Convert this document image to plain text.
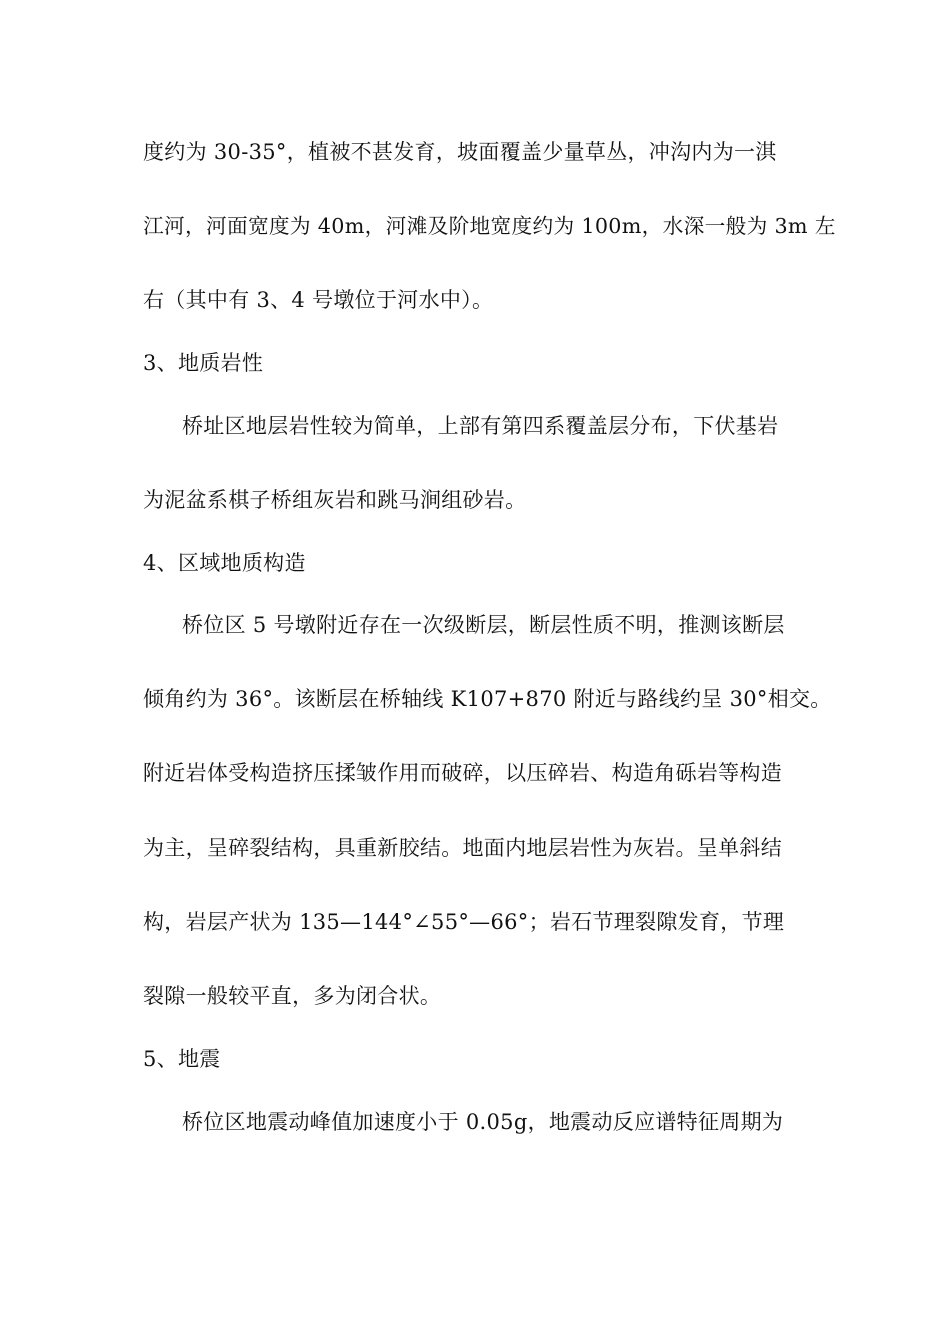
度约为 30-35°，植被不甚发育，坡面覆盖少量草丛，冲沟内为一淇
江河，河面宽度为 40m，河滩及阶地宽度约为 100m，水深一般为 3m 左
右（其中有 3、4 号墩位于河水中）。
3、地质岩性
桥址区地层岩性较为简单，上部有第四系覆盖层分布，下伏基岩
为泥盆系棋子桥组灰岩和跳马涧组砂岩。
4、区域地质构造
桥位区 5 号墩附近存在一次级断层，断层性质不明，推测该断层
倾角约为 36°。该断层在桥轴线 K107+870 附近与路线约呈 30°相交。
附近岩体受构造挤压揉皱作用而破碎，以压碎岩、构造角砾岩等构造
为主，呈碎裂结构，具重新胶结。地面内地层岩性为灰岩。呈单斜结
构，岩层产状为 135—144°∠55°—66°；岩石节理裂隙发育，节理
裂隙一般较平直，多为闭合状。
5、地震
桥位区地震动峰值加速度小于 0.05g，地震动反应谱特征周期为
